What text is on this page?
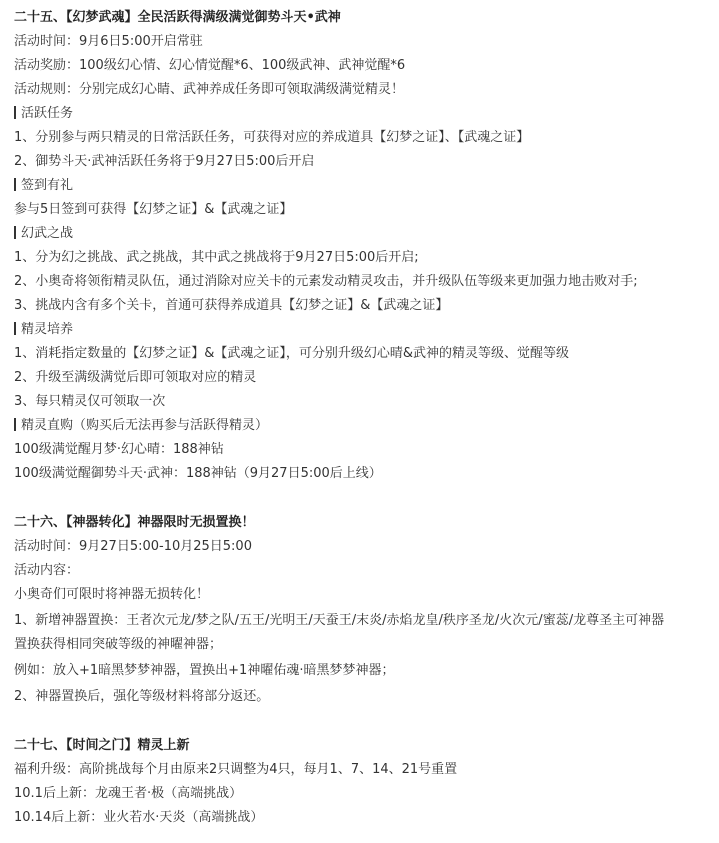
二十五、【幻梦武魂】全民活跃得满级满觉御势斗天•武神
活动时间：9月6日5:00开启常驻
活动奖励：100级幻心情、幻心情觉醒*6、100级武神、武神觉醒*6
活动规则：分别完成幻心睛、武神养成任务即可领取满级满觉精灵！
活跃任务
1、分别参与两只精灵的日常活跃任务，可获得对应的养成道具【幻梦之证】、【武魂之证】
2、御势斗天·武神活跃任务将于9月27日5:00后开启
签到有礼
参与5日签到可获得【幻梦之证】&【武魂之证】
幻武之战
1、分为幻之挑战、武之挑战，其中武之挑战将于9月27日5:00后开启;
2、小奥奇将领衔精灵队伍，通过消除对应关卡的元素发动精灵攻击，并升级队伍等级来更加强力地击败对手;
3、挑战内含有多个关卡，首通可获得养成道具【幻梦之证】&【武魂之证】
精灵培养
1、消耗指定数量的【幻梦之证】&【武魂之证】，可分别升级幻心晴&武神的精灵等级、觉醒等级
2、升级至满级满觉后即可领取对应的精灵
3、每只精灵仅可领取一次
精灵直购（购买后无法再参与活跃得精灵）
100级满觉醒月梦·幻心晴：188神钻
100级满觉醒御势斗天·武神：188神钻（9月27日5:00后上线）
二十六、【神器转化】神器限时无损置换！
活动时间：9月27日5:00-10月25日5:00
活动内容：
小奥奇们可限时将神器无损转化！
1、新增神器置换：王者次元龙/梦之队/五王/光明王/天蚕王/末炎/赤焰龙皇/秩序圣龙/火次元/蜜蕊/龙尊圣主可神器
置换获得相同突破等级的神曜神器；
例如：放入+1暗黑梦梦神器，置换出+1神曜佑魂·暗黑梦梦神器；
2、神器置换后，强化等级材料将部分返还。
二十七、【时间之门】精灵上新
福利升级：高阶挑战每个月由原来2只调整为4只，每月1、7、14、21号重置
10.1后上新：龙魂王者·极（高端挑战）
10.14后上新：业火若水·天炎（高端挑战）
